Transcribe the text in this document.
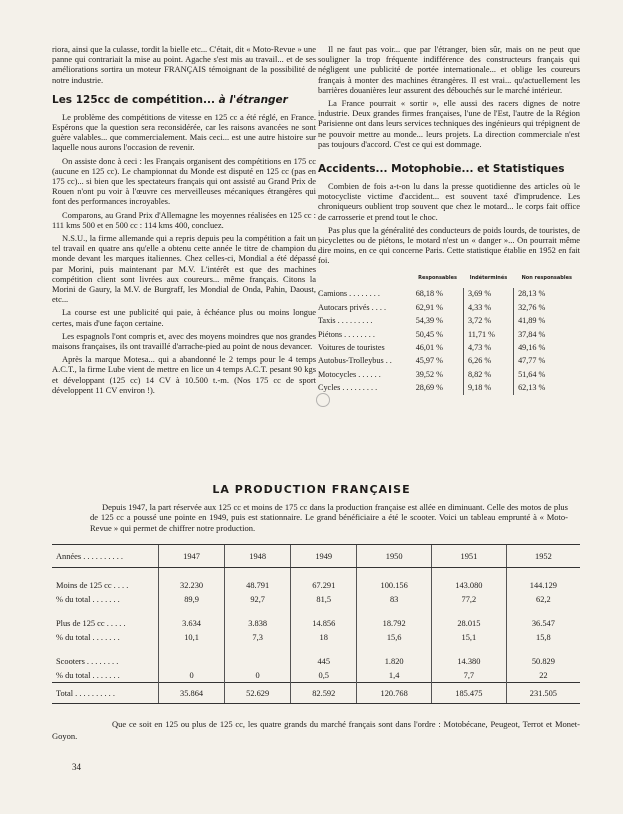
riora, ainsi que la culasse, tordit la bielle etc... C'était, dit « Moto-Revue » une panne qui contrariait la mise au point. Agache s'est mis au travail... et de ses améliorations sortira un moteur FRANÇAIS témoignant de la possibilité de notre industrie.

Les 125cc de compétition... à l'étranger

Le problème des compétitions de vitesse en 125 cc a été réglé, en France. Espérons que la question sera reconsidérée, car les raisons avancées ne sont guère valables... que commercialement. Mais ceci... est une autre histoire sur laquelle nous aurons l'occasion de revenir.

On assiste donc à ceci : les Français organisent des compétitions en 175 cc (aucune en 125 cc). Le championnat du Monde est disputé en 125 cc (pas en 175 cc)... si bien que les spectateurs français qui ont assisté au Grand Prix de Rouen n'ont pu voir à l'œuvre ces merveilleuses mécaniques étrangères qui font des performances incroyables.

Comparons, au Grand Prix d'Allemagne les moyennes réalisées en 125 cc : 111 kms 500 et en 500 cc : 114 kms 400, concluez.

N.S.U., la firme allemande qui a repris depuis peu la compétition a fait un tel travail en quatre ans qu'elle a obtenu cette année le titre de champion du monde devant les marques italiennes. Chez celles-ci, Mondial a été dépassé par Morini, puis maintenant par M.V. L'intérêt est que des machines compétition client sont livrées aux coureurs... même français. Citons la Morini de Gaury, la M.V. de Burgraff, les Mondial de Onda, Pahin, Daoust, etc...

La course est une publicité qui paie, à échéance plus ou moins longue certes, mais d'une façon certaine.

Les espagnols l'ont compris et, avec des moyens moindres que nos grandes maisons françaises, ils ont travaillé d'arrache-pied au point de nous devancer.

Après la marque Motesa... qui a abandonné le 2 temps pour le 4 temps A.C.T., la firme Lube vient de mettre en lice un 4 temps A.C.T. pesant 90 kgs et développant (125 cc) 14 CV à 10.500 t.-m. (Nos 175 cc de sport développent 11 CV environ !).

Il ne faut pas voir... que par l'étranger, bien sûr, mais on ne peut que souligner la trop fréquente indifférence des constructeurs français qui négligent une publicité de portée internationale... et oblige les coureurs français à monter des machines étrangères. Il est vrai... qu'actuellement les barrières douanières leur assurent des débouchés sur le marché intérieur.

La France pourrait « sortir », elle aussi des racers dignes de notre industrie. Deux grandes firmes françaises, l'une de l'Est, l'autre de la Région Parisienne ont dans leurs services techniques des ingénieurs qui trépignent de ne pouvoir mettre au monde... leurs projets. La direction commerciale n'est pas toujours d'accord. C'est ce qui est dommage.

Accidents... Motophobie... et Statistiques

Combien de fois a-t-on lu dans la presse quotidienne des articles où le motocycliste victime d'accident... est souvent taxé d'imprudence. Les chroniqueurs oublient trop souvent que chez le motard... le corps fait office de carrosserie et prend tout le choc.

Pas plus que la généralité des conducteurs de poids lourds, de touristes, de bicyclettes ou de piétons, le motard n'est un « danger »... On pourrait même dire moins, en ce qui concerne Paris. Cette statistique établie en 1952 en fait foi.

	Responsables	Indéterminés	Non responsables
Camions . . . . . . . .	68,18 %	3,69 %	28,13 %
Autocars privés . . . .	62,91 %	4,33 %	32,76 %
Taxis . . . . . . . . .	54,39 %	3,72 %	41,89 %
Piétons . . . . . . . .	50,45 %	11,71 %	37,84 %
Voitures de touristes	46,01 %	4,73 %	49,16 %
Autobus-Trolleybus . .	45,97 %	6,26 %	47,77 %
Motocycles . . . . . .	39,52 %	8,82 %	51,64 %
Cycles . . . . . . . . .	28,69 %	9,18 %	62,13 %
LA PRODUCTION FRANÇAISE

Depuis 1947, la part réservée aux 125 cc et moins de 175 cc dans la production française est allée en diminuant. Celle des motos de plus de 125 cc a poussé une pointe en 1949, puis est stationnaire. Le grand bénéficiaire a été le scooter. Voici un tableau emprunté à « Moto-Revue » qui permet de chiffrer notre production.

Années . . . . . . . . . .	1947	1948	1949	1950	1951	1952

Moins de 125 cc . . . .	32.230	48.791	67.291	100.156	143.080	144.129
% du total . . . . . . .	89,9	92,7	81,5	83	77,2	62,2

Plus de 125 cc . . . . .	3.634	3.838	14.856	18.792	28.015	36.547
% du total . . . . . . .	10,1	7,3	18	15,6	15,1	15,8

Scooters . . . . . . . .			445	1.820	14.380	50.829
% du total . . . . . . .	0	0	0,5	1,4	7,7	22
Total . . . . . . . . . .	35.864	52.629	82.592	120.768	185.475	231.505

Que ce soit en 125 ou plus de 125 cc, les quatre grands du marché français sont dans l'ordre : Motobécane, Peugeot, Terrot et Monet-Goyon.

34
